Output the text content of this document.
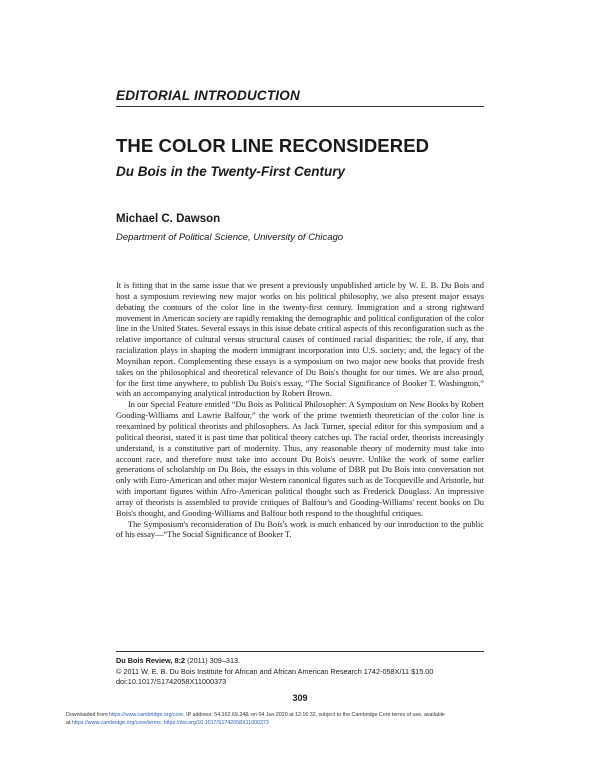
EDITORIAL INTRODUCTION
THE COLOR LINE RECONSIDERED
Du Bois in the Twenty-First Century
Michael C. Dawson
Department of Political Science, University of Chicago

It is fitting that in the same issue that we present a previously unpublished article by W. E. B. Du Bois and host a symposium reviewing new major works on his political philosophy, we also present major essays debating the contours of the color line in the twenty-first century. Immigration and a strong rightward movement in American society are rapidly remaking the demographic and political configuration of the color line in the United States. Several essays in this issue debate critical aspects of this reconfiguration such as the relative importance of cultural versus structural causes of continued racial disparities; the role, if any, that racialization plays in shaping the modern immigrant incorporation into U.S. society; and, the legacy of the Moynihan report. Complementing these essays is a symposium on two major new books that provide fresh takes on the philosophical and theoretical relevance of Du Bois's thought for our times. We are also proud, for the first time anywhere, to publish Du Bois's essay, “The Social Significance of Booker T. Washington,” with an accompanying analytical introduction by Robert Brown.

In our Special Feature entitled “Du Bois as Political Philosopher: A Symposium on New Books by Robert Gooding-Williams and Lawrie Balfour,” the work of the prime twentieth theoretician of the color line is reexamined by political theorists and philosophers. As Jack Turner, special editor for this symposium and a political theorist, stated it is past time that political theory catches up. The racial order, theorists increasingly understand, is a constitutive part of modernity. Thus, any reasonable theory of modernity must take into account race, and therefore must take into account Du Bois's oeuvre. Unlike the work of some earlier generations of scholarship on Du Bois, the essays in this volume of DBR put Du Bois into conversation not only with Euro-American and other major Western canonical figures such as de Tocqueville and Aristotle, but with important figures within Afro-American political thought such as Frederick Douglass. An impressive array of theorists is assembled to provide critiques of Balfour's and Gooding-Williams' recent books on Du Bois's thought, and Gooding-Williams and Balfour both respond to the thoughtful critiques.

The Symposium's reconsideration of Du Bois's work is much enhanced by our introduction to the public of his essay—“The Social Significance of Booker T.

Du Bois Review, 8:2 (2011) 309–313.
© 2011 W. E. B. Du Bois Institute for African and African American Research 1742-058X/11 $15.00
doi:10.1017/S1742058X11000373
309
Downloaded from https://www.cambridge.org/core. IP address: 54.162.69.248, on 04 Jun 2020 at 12:16:32, subject to the Cambridge Core terms of use, available
at https://www.cambridge.org/core/terms. https://doi.org/10.1017/S1742058X11000373
